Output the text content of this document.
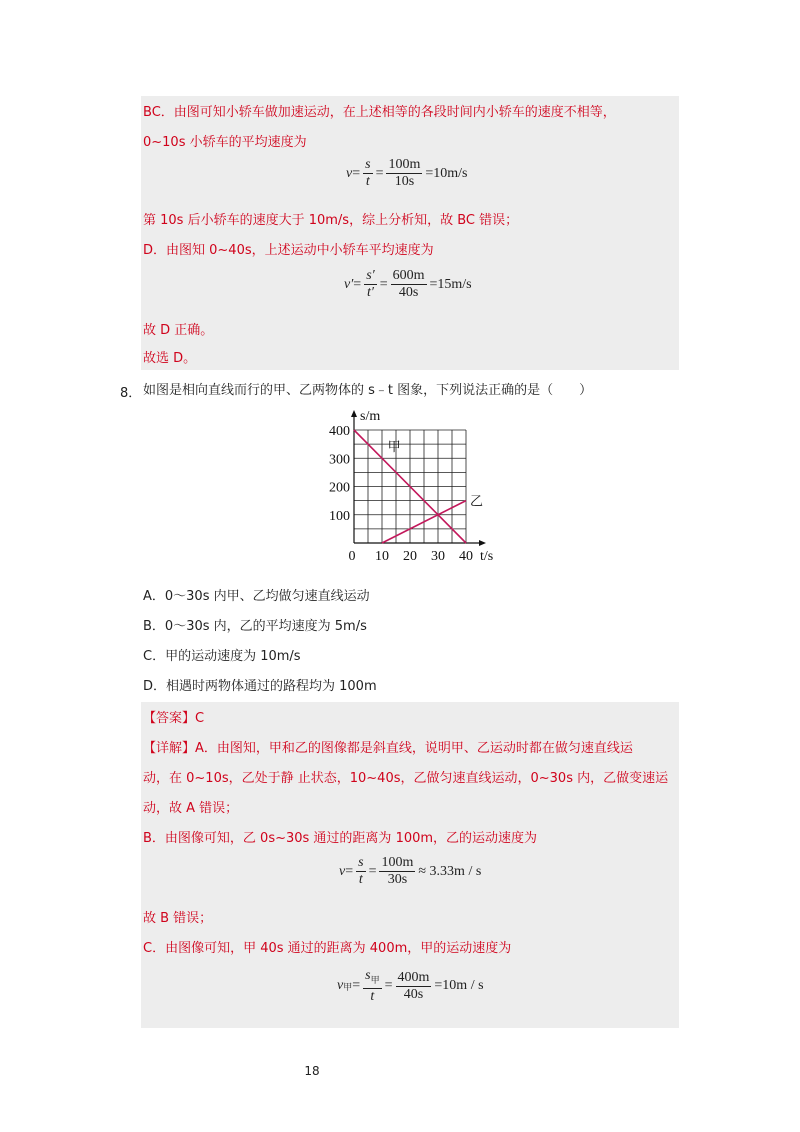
BC．由图可知小轿车做加速运动，在上述相等的各段时间内小轿车的速度不相等，
0~10s 小轿车的平均速度为
$v = \frac{s}{t} = \frac{100m}{10s} =10m/s$
第 10s 后小轿车的速度大于 10m/s，综上分析知，故 BC 错误；
D．由图知 0~40s，上述运动中小轿车平均速度为
$v' = \frac{s'}{t'} = \frac{600m}{40s} =15m/s$
故 D 正确。
故选 D。
8． 如图是相向直线而行的甲、乙两物体的 s﹣t 图象，下列说法正确的是（　　）
0 10 20 30 40
100
200
300
400
s/m
t/s
甲
乙
A．0～30s 内甲、乙均做匀速直线运动
B．0～30s 内，乙的平均速度为 5m/s
C．甲的运动速度为 10m/s
D．相遇时两物体通过的路程均为 100m
【答案】C
【详解】A．由图知，甲和乙的图像都是斜直线，说明甲、乙运动时都在做匀速直线运
动，在 0~10s，乙处于静 止状态，10~40s，乙做匀速直线运动，0~30s 内，乙做变速运
动，故 A 错误；
B．由图像可知，乙 0s~30s 通过的距离为 100m，乙的运动速度为
$v = \frac{s}{t} = \frac{100m}{30s} \approx 3.33m / s$
故 B 错误；
C．由图像可知，甲 40s 通过的距离为 400m，甲的运动速度为
v 甲 = $\frac{s_甲}{t} = \frac{400m}{40s} =10m / s$
18
